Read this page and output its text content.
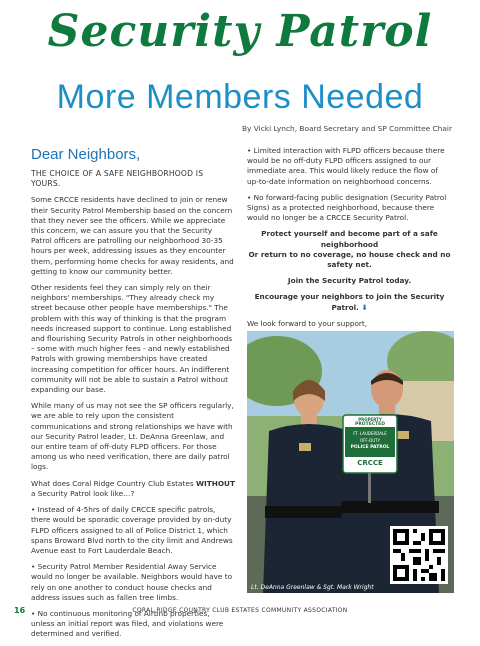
Security Patrol
More Members Needed
By Vicki Lynch, Board Secretary and SP Committee Chair

Dear Neighbors,

THE CHOICE OF A SAFE NEIGHBORHOOD IS YOURS.

Some CRCCE residents have declined to join or renew their Security Patrol Membership based on the concern that they never see the officers. While we appreciate this concern, we can assure you that the Security Patrol officers are patrolling our neighborhood 30-35 hours per week, addressing issues as they encounter them, performing home checks for away residents, and getting to know our community better.

Other residents feel they can simply rely on their neighbors' memberships. "They already check my street because other people have memberships." The problem with this way of thinking is that the program needs increased support to continue. Long established and flourishing Security Patrols in other neighborhoods – some with much higher fees - and newly established Patrols with growing memberships have created increasing competition for officer hours. An indifferent community will not be able to sustain a Patrol without expanding our base.

While many of us may not see the SP officers regularly, we are able to rely upon the consistent communications and strong relationships we have with our Security Patrol leader, Lt. DeAnna Greenlaw, and our entire team of off-duty FLPD officers. For those among us who need verification, there are daily patrol logs.

What does Coral Ridge Country Club Estates WITHOUT a Security Patrol look like…?

• Instead of 4-5hrs of daily CRCCE specific patrols, there would be sporadic coverage provided by on-duty FLPD officers assigned to all of Police District 1, which spans Broward Blvd north to the city limit and Andrews Avenue east to Fort Lauderdale Beach.

• Security Patrol Member Residential Away Service would no longer be available. Neighbors would have to rely on one another to conduct house checks and address issues such as fallen tree limbs.

• No continuous monitoring of Airbnb properties, unless an initial report was filed, and violations were determined and verified.

• Limited interaction with FLPD officers because there would be no off-duty FLPD officers assigned to our immediate area. This would likely reduce the flow of up-to-date information on neighborhood concerns.

• No forward-facing public designation (Security Patrol Signs) as a protected neighborhood, because there would no longer be a CRCCE Security Patrol.

Protect yourself and become part of a safe neighborhood

Or return to no coverage, no house check and no safety net.

Join the Security Patrol today.

Encourage your neighbors to join the Security Patrol. ⬇

We look forward to your support,

PROPERTY
PROTECTED
FT. LAUDERDALE
OFF-DUTY
POLICE PATROL
CRCCE
Lt. DeAnna Greenlaw & Sgt. Mark Wright
16	CORAL RIDGE COUNTRY CLUB ESTATES COMMUNITY ASSOCIATION
